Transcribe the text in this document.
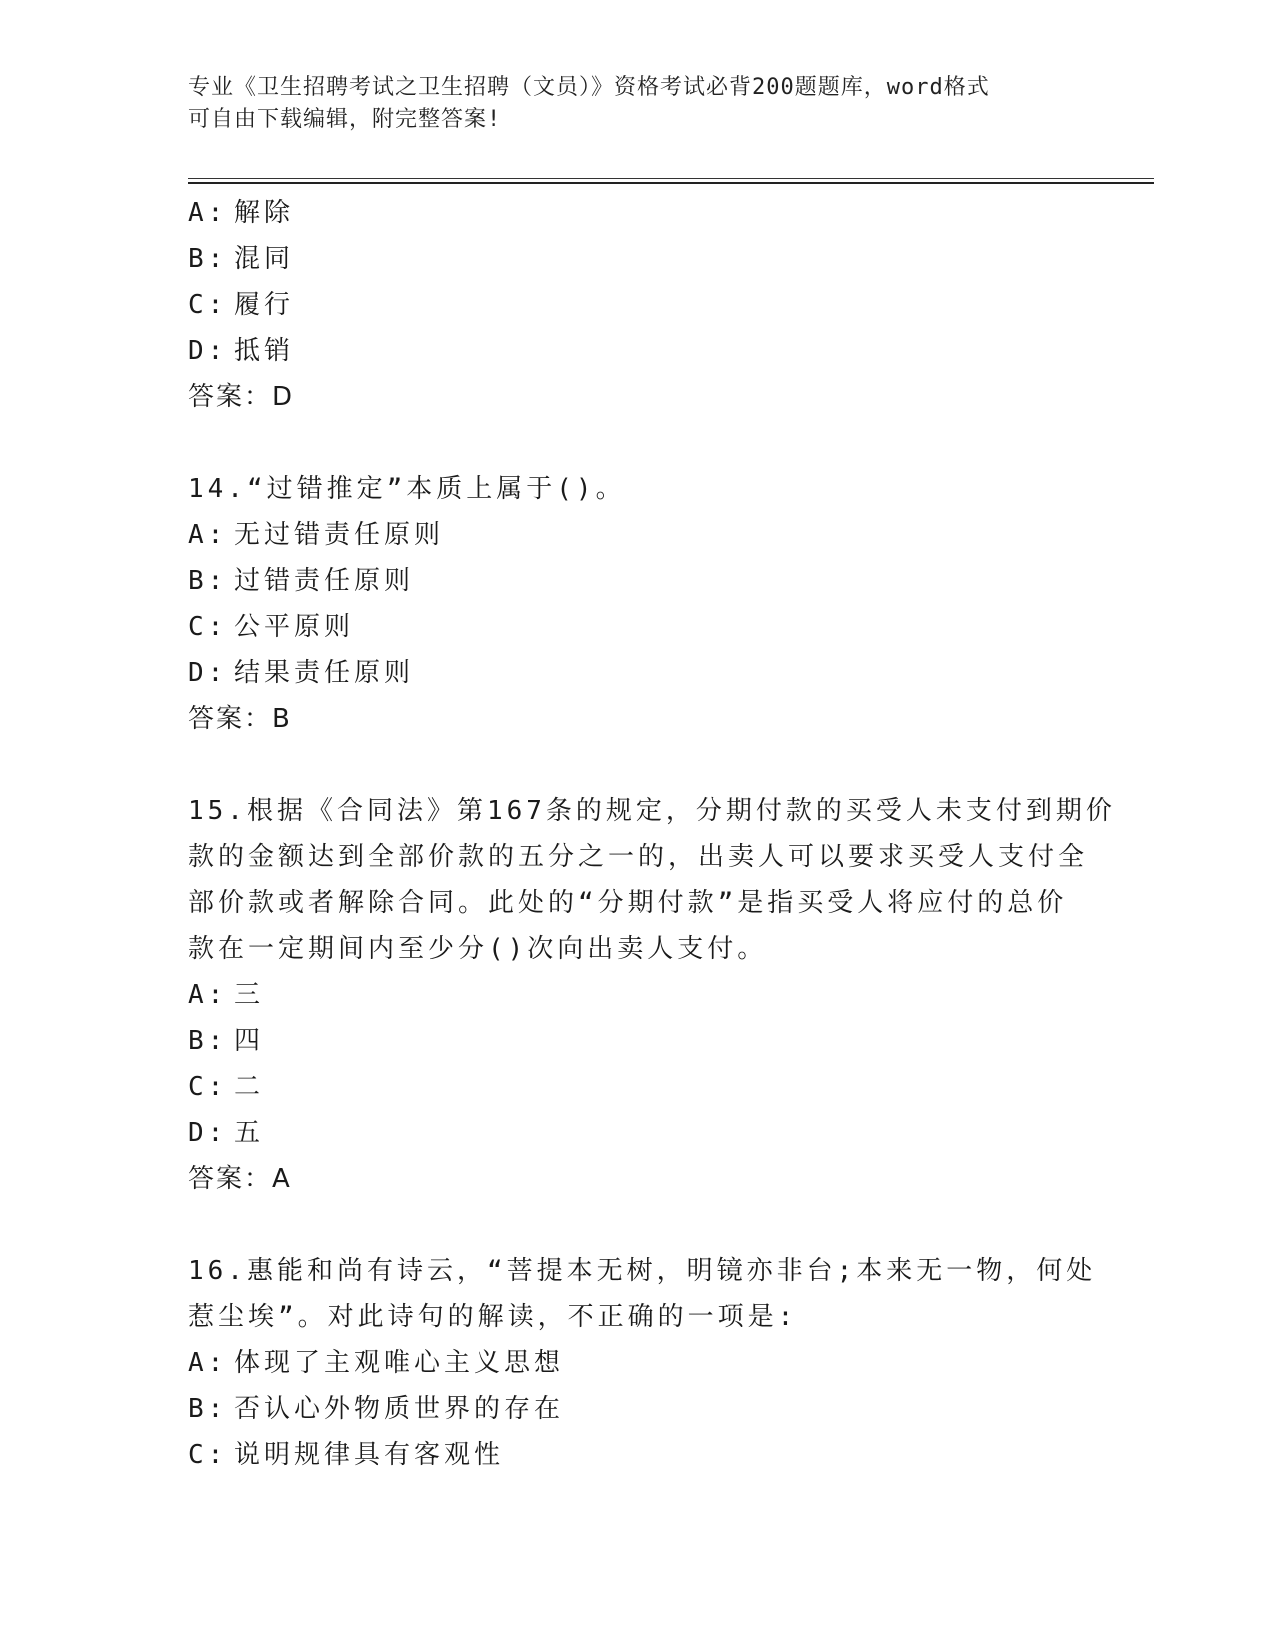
专业《卫生招聘考试之卫生招聘（文员）》资格考试必背200题题库，word格式
可自由下载编辑，附完整答案!
A: 解除
B: 混同
C: 履行
D: 抵销
答案：D
14.“过错推定”本质上属于()。
A: 无过错责任原则
B: 过错责任原则
C: 公平原则
D: 结果责任原则
答案：B
15.根据《合同法》第167条的规定，分期付款的买受人未支付到期价
款的金额达到全部价款的五分之一的，出卖人可以要求买受人支付全
部价款或者解除合同。此处的“分期付款”是指买受人将应付的总价
款在一定期间内至少分()次向出卖人支付。
A: 三
B: 四
C: 二
D: 五
答案：A
16.惠能和尚有诗云，“菩提本无树，明镜亦非台;本来无一物，何处
惹尘埃”。对此诗句的解读，不正确的一项是:
A: 体现了主观唯心主义思想
B: 否认心外物质世界的存在
C: 说明规律具有客观性
